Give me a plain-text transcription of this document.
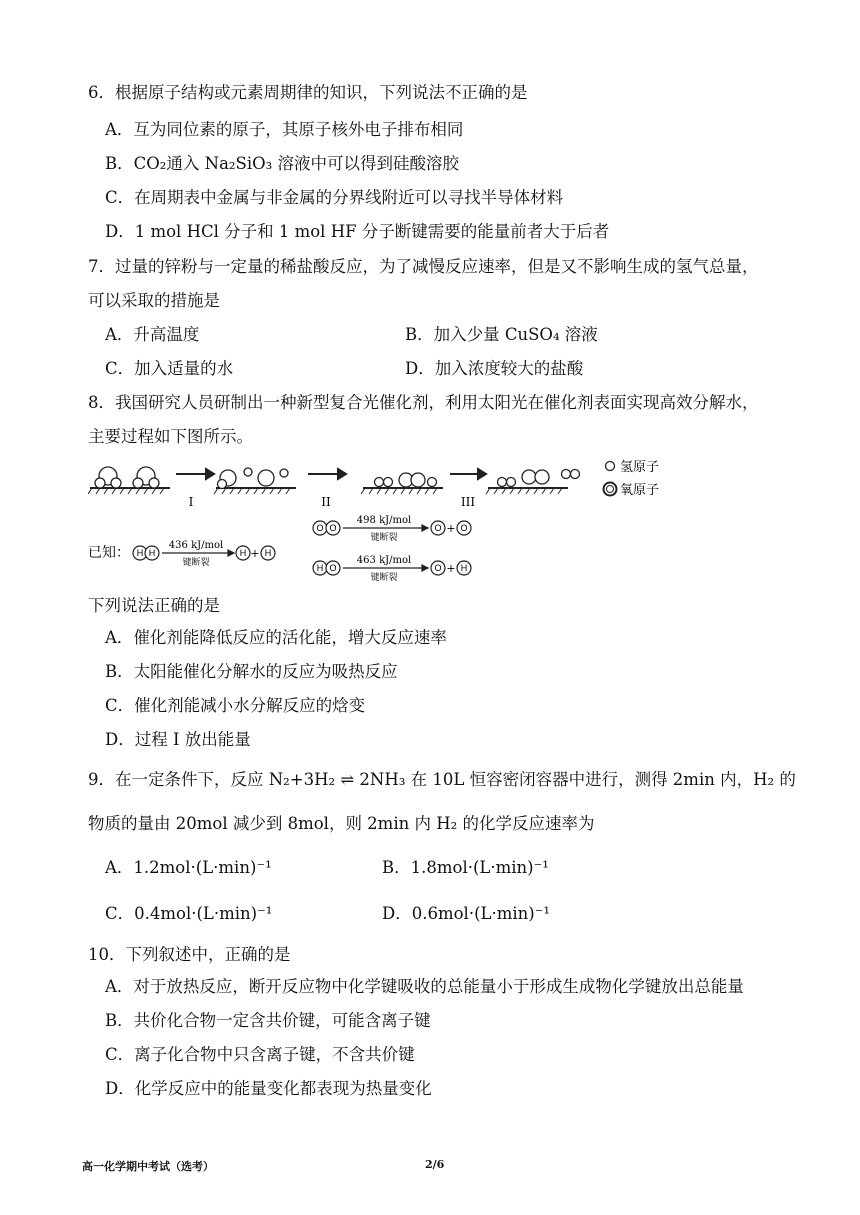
6．根据原子结构或元素周期律的知识，下列说法不正确的是
A．互为同位素的原子，其原子核外电子排布相同
B．CO₂通入 Na₂SiO₃ 溶液中可以得到硅酸溶胶
C．在周期表中金属与非金属的分界线附近可以寻找半导体材料
D．1 mol HCl 分子和 1 mol HF 分子断键需要的能量前者大于后者
7．过量的锌粉与一定量的稀盐酸反应，为了减慢反应速率，但是又不影响生成的氢气总量，
可以采取的措施是
A．升高温度	B．加入少量 CuSO₄ 溶液
C．加入适量的水	D．加入浓度较大的盐酸
8．我国研究人员研制出一种新型复合光催化剂，利用太阳光在催化剂表面实现高效分解水，
主要过程如下图所示。
I	II	III
氢原子
氧原子
已知： H H	H H
O O	O O
H O	O H
+
+
+
436 kJ/mol
键断裂
498 kJ/mol
键断裂
463 kJ/mol
键断裂
下列说法正确的是
A．催化剂能降低反应的活化能，增大反应速率
B．太阳能催化分解水的反应为吸热反应
C．催化剂能减小水分解反应的焓变
D．过程 I 放出能量
9．在一定条件下，反应 N₂+3H₂ ⇌ 2NH₃ 在 10L 恒容密闭容器中进行，测得 2min 内，H₂ 的
物质的量由 20mol 减少到 8mol，则 2min 内 H₂ 的化学反应速率为
A．1.2mol·(L·min)⁻¹	B．1.8mol·(L·min)⁻¹
C．0.4mol·(L·min)⁻¹	D．0.6mol·(L·min)⁻¹
10．下列叙述中，正确的是
A．对于放热反应，断开反应物中化学键吸收的总能量小于形成生成物化学键放出总能量
B．共价化合物一定含共价键，可能含离子键
C．离子化合物中只含离子键，不含共价键
D．化学反应中的能量变化都表现为热量变化
高一化学期中考试（选考）	2/6
